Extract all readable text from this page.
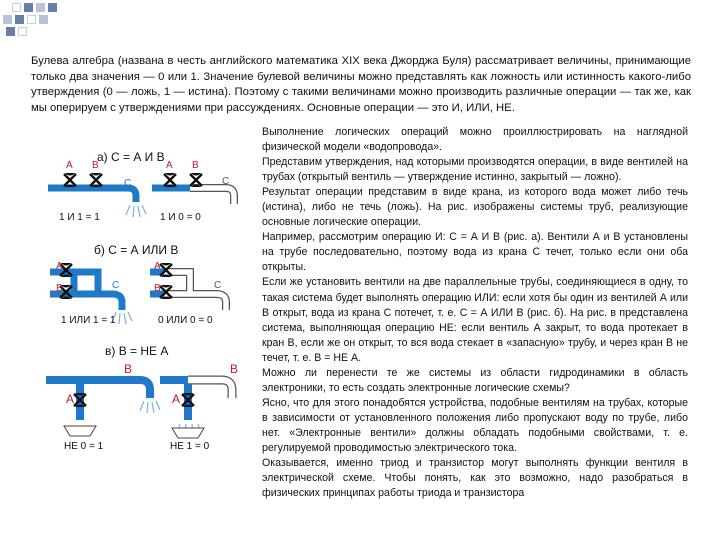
Булева алгебра (названа в честь английского математика XIX века Джорджа Буля) рассматривает величины, принимающие только два значения — 0 или 1. Значение булевой величины можно представлять как ложность или истинность какого-либо утверждения (0 — ложь, 1 — истина). Поэтому с такими величинами можно производить различные операции — так же, как мы оперируем с утверждениями при рассуждениях. Основные операции — это И, ИЛИ, НЕ.

Выполнение логических операций можно проиллюстрировать на наглядной физической модели «водопровода».

Представим утверждения, над которыми производятся операции, в виде вентилей на трубах (открытый вентиль — утверждение истинно, закрытый — ложно).

Результат операции представим в виде крана, из которого вода может либо течь (истина), либо не течь (ложь). На рис. изображены системы труб, реализующие основные логические операции.

Например, рассмотрим операцию И: С = А И В (рис. а). Вентили А и В установлены на трубе последовательно, поэтому вода из крана С течет, только если они оба открыты.

Если же установить вентили на две параллельные трубы, соединяющиеся в одну, то такая система будет выполнять операцию ИЛИ: если хотя бы один из вентилей А или В открыт, вода из крана С потечет, т. е. С = А ИЛИ В (рис. б). На рис. в представлена система, выполняющая операцию НЕ: если вентиль А закрыт, то вода протекает в кран В, если же он открыт, то вся вода стекает в «запасную» трубу, и через кран В не течет, т. е. В = НЕ А.

Можно ли перенести те же системы из области гидродинамики в область электроники, то есть создать электронные логические схемы?

Ясно, что для этого понадобятся устройства, подобные вентилям на трубах, которые в зависимости от установленного положения либо пропускают воду по трубе, либо нет. «Электронные вентили» должны обладать подобными свойствами, т. е. регулируемой проводимостью электрического тока.

Оказывается, именно триод и транзистор могут выполнять функции вентиля в электрической схеме. Чтобы понять, как это возможно, надо разобраться в физических принципах работы триода и транзистора

а) С = А И В
б) С = А ИЛИ В
в) В = НЕ А
А В
С
1 И 1 = 1
А В
С
1 И 0 = 0
А
В	С
1 ИЛИ 1 = 1
А
В	С
0 ИЛИ 0 = 0
А
В
НЕ 0 = 1
А
В
НЕ 1 = 0
